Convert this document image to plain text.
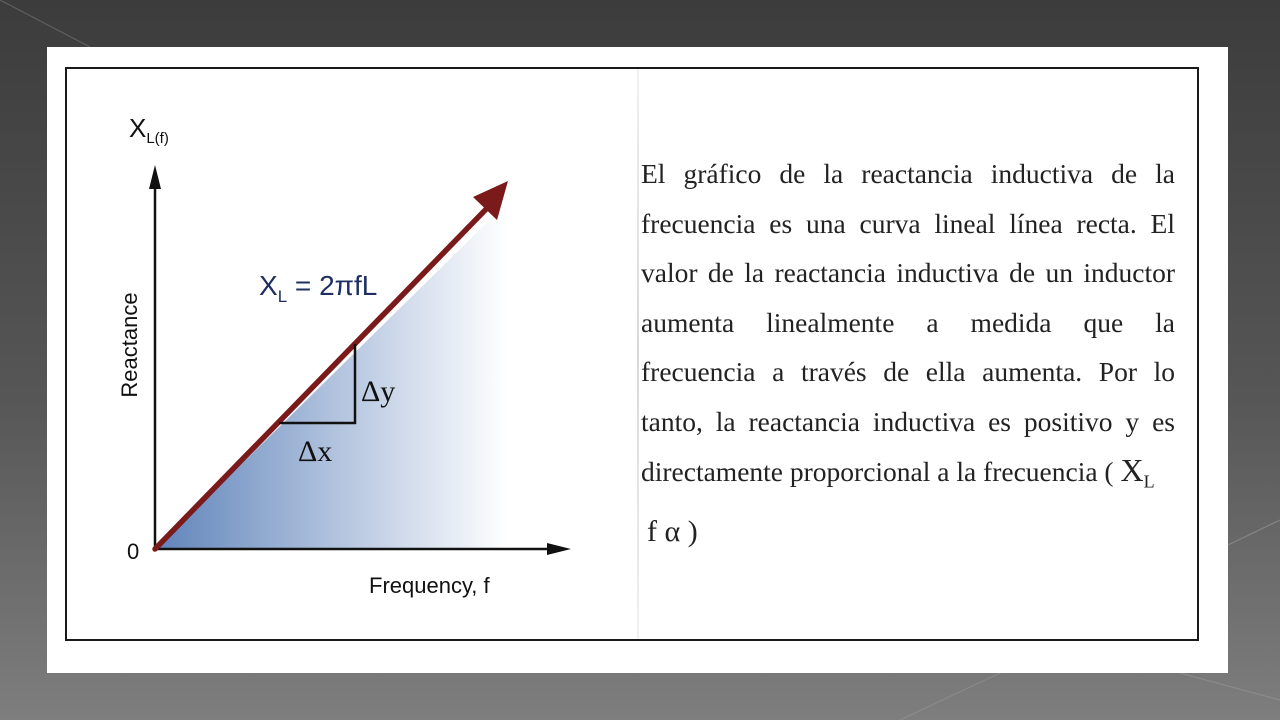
$X_{L(f)}$
Reactance
0
Frequency, f
$X_L = 2\pi fL$
Δx
Δy
El gráfico de la reactancia inductiva de la
frecuencia es una curva lineal línea recta. El
valor de la reactancia inductiva de un inductor
aumenta linealmente a medida que la
frecuencia a través de ella aumenta. Por lo
tanto, la reactancia inductiva es positivo y es
directamente proporcional a la frecuencia ( $X_L$
f α )
